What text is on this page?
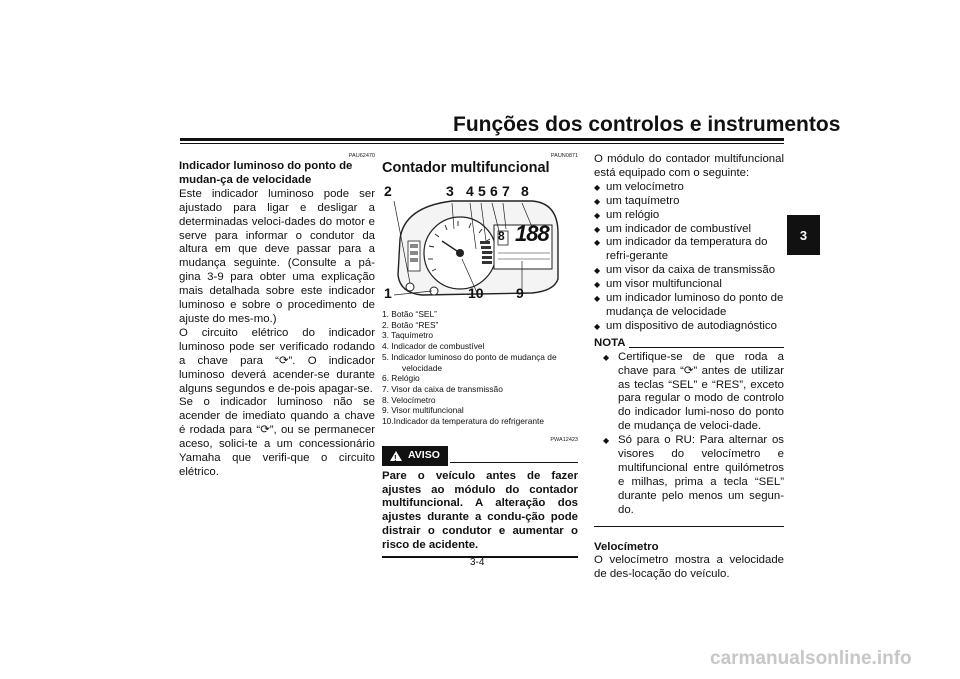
Funções dos controlos e instrumentos
3
PAU62470
Indicador luminoso do ponto de mudan-ça de velocidade
Este indicador luminoso pode ser ajustado para ligar e desligar a determinadas veloci-dades do motor e serve para informar o condutor da altura em que deve passar para a mudança seguinte. (Consulte a pá-gina 3-9 para obter uma explicação mais detalhada sobre este indicador luminoso e sobre o procedimento de ajuste do mes-mo.)
O circuito elétrico do indicador luminoso pode ser verificado rodando a chave para “⟳”. O indicador luminoso deverá acender-se durante alguns segundos e de-pois apagar-se.
Se o indicador luminoso não se acender de imediato quando a chave é rodada para “⟳”, ou se permanecer aceso, solici-te a um concessionário Yamaha que verifi-que o circuito elétrico.
PAUN0871
Contador multifuncional
8 188
2	3 4 5 6 7 8
1	10 9
1. Botão “SEL”
2. Botão “RES”
3. Taquímetro
4. Indicador de combustível
5. Indicador luminoso do ponto de mudança de velocidade
6. Relógio
7. Visor da caixa de transmissão
8. Velocímetro
9. Visor multifuncional
10.Indicador da temperatura do refrigerante
PWA12423
! AVISO
Pare o veículo antes de fazer ajustes ao módulo do contador multifuncional. A alteração dos ajustes durante a condu-ção pode distrair o condutor e aumentar o risco de acidente.
O módulo do contador multifuncional está equipado com o seguinte:
◆ um velocímetro
◆ um taquímetro
◆ um relógio
◆ um indicador de combustível
◆ um indicador da temperatura do refri-gerante
◆ um visor da caixa de transmissão
◆ um visor multifuncional
◆ um indicador luminoso do ponto de mudança de velocidade
◆ um dispositivo de autodiagnóstico
NOTA
◆ Certifique-se de que roda a chave para “⟳” antes de utilizar as teclas “SEL” e “RES”, exceto para regular o modo de controlo do indicador lumi-noso do ponto de mudança de veloci-dade.
◆ Só para o RU: Para alternar os visores do velocímetro e multifuncional entre quilómetros e milhas, prima a tecla “SEL” durante pelo menos um segun-do.
Velocímetro
O velocímetro mostra a velocidade de des-locação do veículo.
3-4
carmanualsonline.info
